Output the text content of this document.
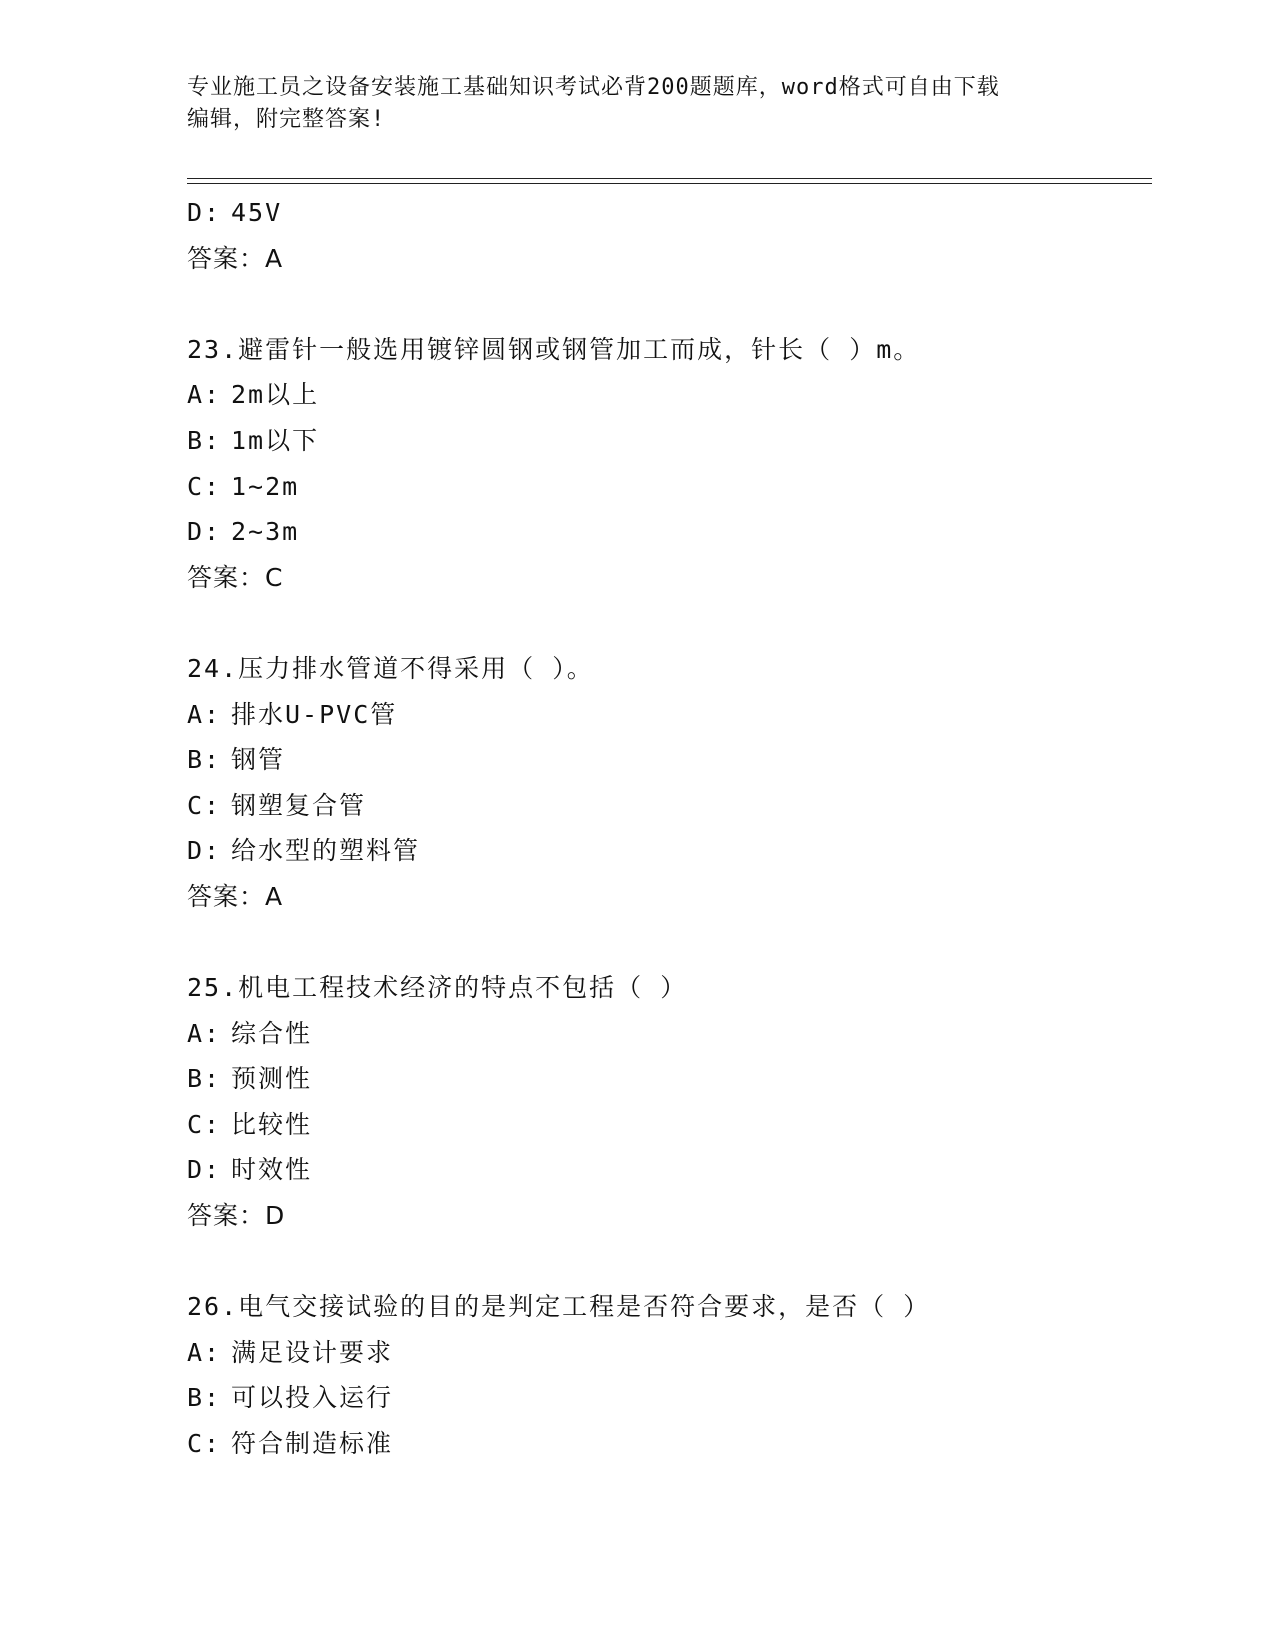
专业施工员之设备安装施工基础知识考试必背200题题库，word格式可自由下载
编辑，附完整答案!
D: 45V
答案：A
23.避雷针一般选用镀锌圆钢或钢管加工而成，针长（ ）m。
A: 2m以上
B: 1m以下
C: 1~2m
D: 2~3m
答案：C
24.压力排水管道不得采用（ ）。
A: 排水U-PVC管
B: 钢管
C: 钢塑复合管
D: 给水型的塑料管
答案：A
25.机电工程技术经济的特点不包括（ ）
A: 综合性
B: 预测性
C: 比较性
D: 时效性
答案：D
26.电气交接试验的目的是判定工程是否符合要求，是否（ ）
A: 满足设计要求
B: 可以投入运行
C: 符合制造标准
